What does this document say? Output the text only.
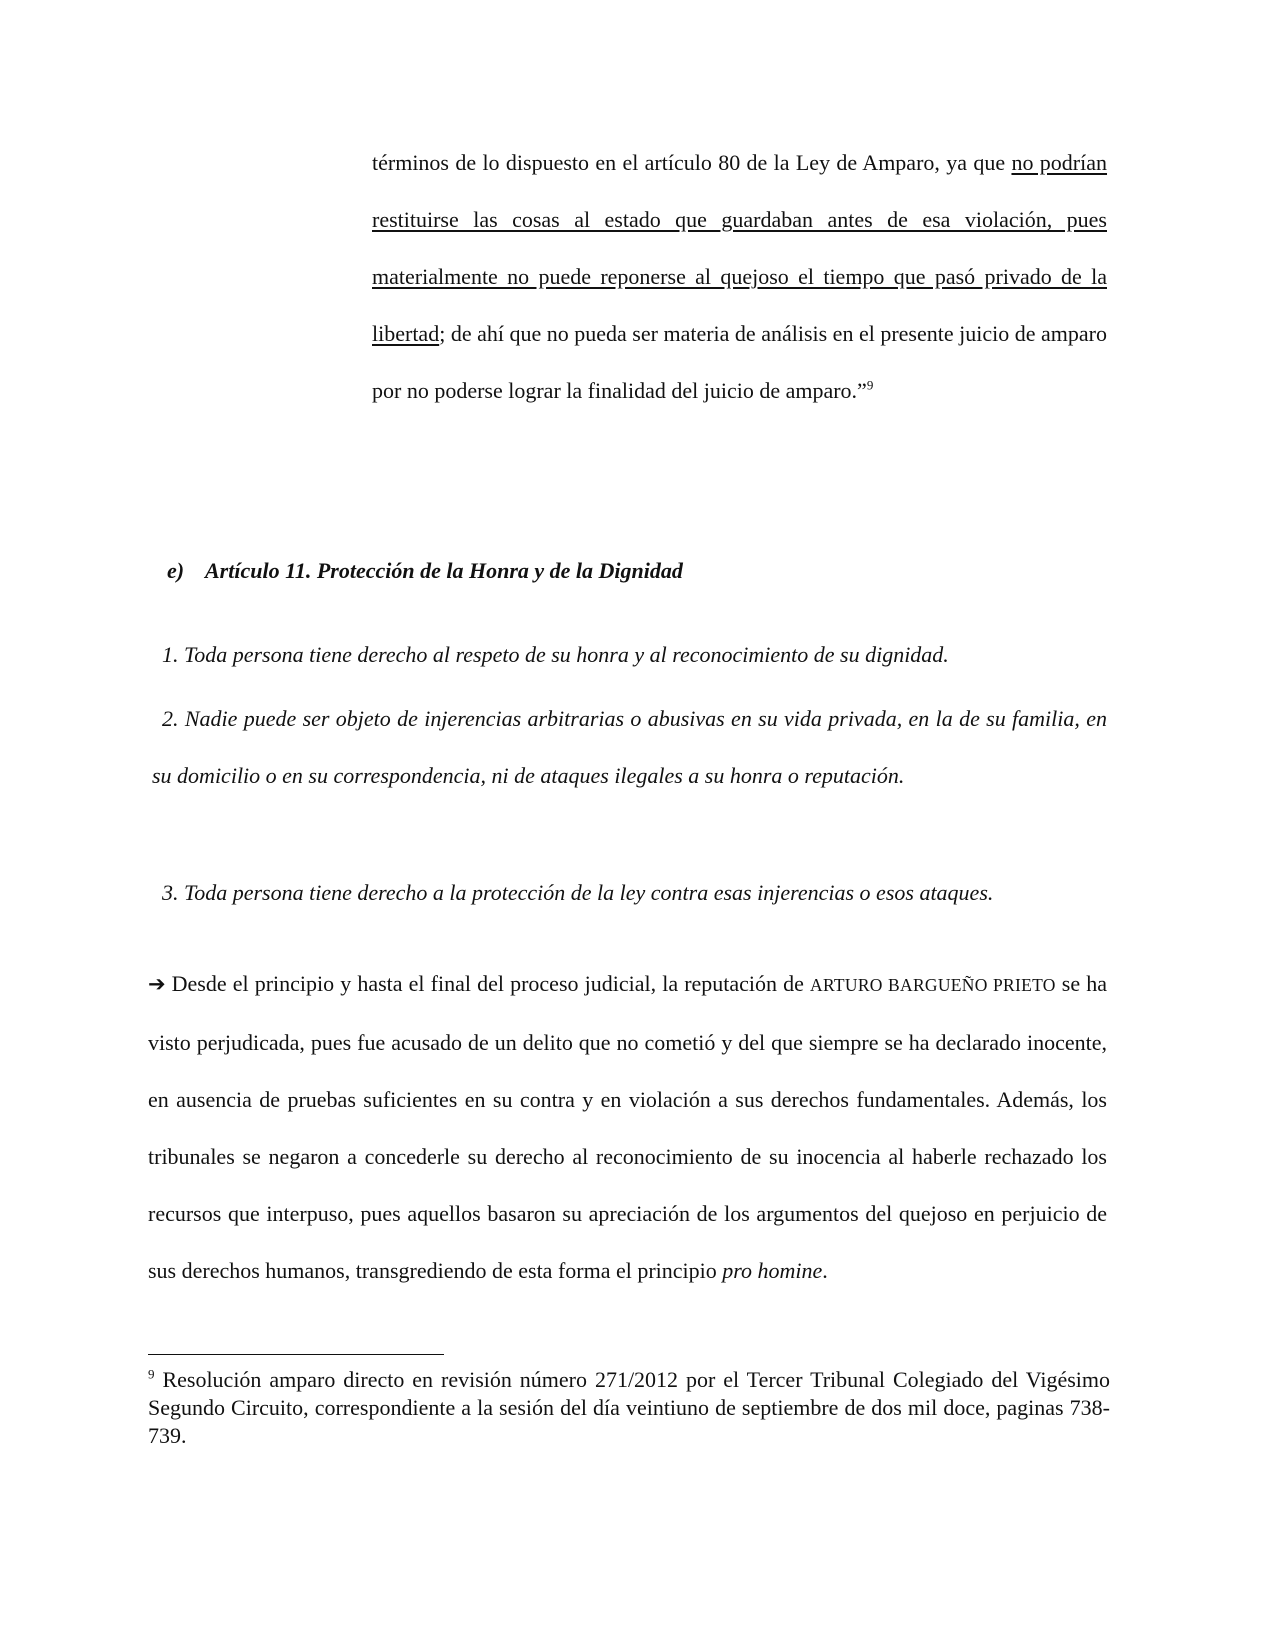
términos de lo dispuesto en el artículo 80 de la Ley de Amparo, ya que no podrían restituirse las cosas al estado que guardaban antes de esa violación, pues materialmente no puede reponerse al quejoso el tiempo que pasó privado de la libertad; de ahí que no pueda ser materia de análisis en el presente juicio de amparo por no poderse lograr la finalidad del juicio de amparo.”$^9$

e) Artículo 11. Protección de la Honra y de la Dignidad

1. Toda persona tiene derecho al respeto de su honra y al reconocimiento de su dignidad.

2. Nadie puede ser objeto de injerencias arbitrarias o abusivas en su vida privada, en la de su familia, en su domicilio o en su correspondencia, ni de ataques ilegales a su honra o reputación.

3. Toda persona tiene derecho a la protección de la ley contra esas injerencias o esos ataques.

➔ Desde el principio y hasta el final del proceso judicial, la reputación de ARTURO BARGUEÑO PRIETO se ha visto perjudicada, pues fue acusado de un delito que no cometió y del que siempre se ha declarado inocente, en ausencia de pruebas suficientes en su contra y en violación a sus derechos fundamentales. Además, los tribunales se negaron a concederle su derecho al reconocimiento de su inocencia al haberle rechazado los recursos que interpuso, pues aquellos basaron su apreciación de los argumentos del quejoso en perjuicio de sus derechos humanos, transgrediendo de esta forma el principio pro homine.

$^9$ Resolución amparo directo en revisión número 271/2012 por el Tercer Tribunal Colegiado del Vigésimo Segundo Circuito, correspondiente a la sesión del día veintiuno de septiembre de dos mil doce, paginas 738-739.
